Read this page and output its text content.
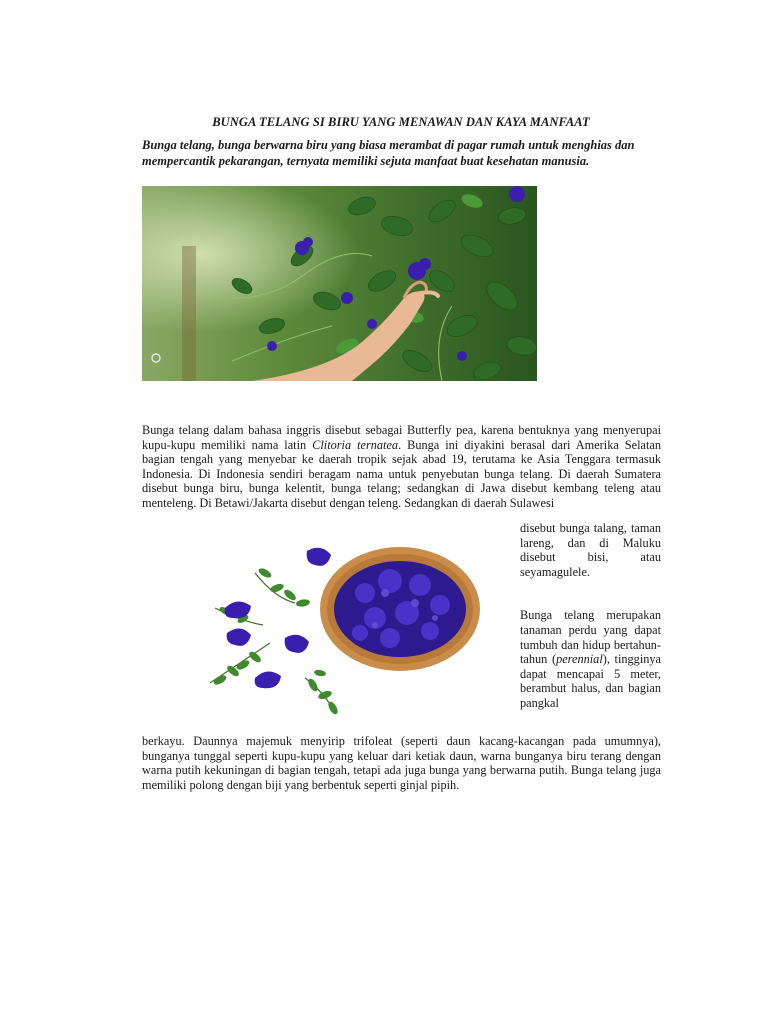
BUNGA TELANG SI BIRU YANG MENAWAN DAN KAYA MANFAAT
Bunga telang, bunga berwarna biru yang biasa merambat di pagar rumah untuk menghias dan mempercantik pekarangan, ternyata memiliki sejuta manfaat buat kesehatan manusia.
Bunga telang dalam bahasa inggris disebut sebagai Butterfly pea, karena bentuknya yang menyerupai kupu-kupu memiliki nama latin Clitoria ternatea. Bunga ini diyakini berasal dari Amerika Selatan bagian tengah yang menyebar ke daerah tropik sejak abad 19, terutama ke Asia Tenggara termasuk Indonesia. Di Indonesia sendiri beragam nama untuk penyebutan bunga telang. Di daerah Sumatera disebut bunga biru, bunga kelentit, bunga telang; sedangkan di Jawa disebut kembang teleng atau menteleng. Di Betawi/Jakarta disebut dengan teleng. Sedangkan di daerah Sulawesi

disebut bunga talang, taman lareng, dan di Maluku disebut bisi, atau seyamagulele.

Bunga telang merupakan tanaman perdu yang dapat tumbuh dan hidup bertahun-tahun (perennial), tingginya dapat mencapai 5 meter, berambut halus, dan bagian pangkal

berkayu. Daunnya majemuk menyirip trifoleat (seperti daun kacang-kacangan pada umumnya), bunganya tunggal seperti kupu-kupu yang keluar dari ketiak daun, warna bunganya biru terang dengan warna putih kekuningan di bagian tengah, tetapi ada juga bunga yang berwarna putih. Bunga telang juga memiliki polong dengan biji yang berbentuk seperti ginjal pipih.
